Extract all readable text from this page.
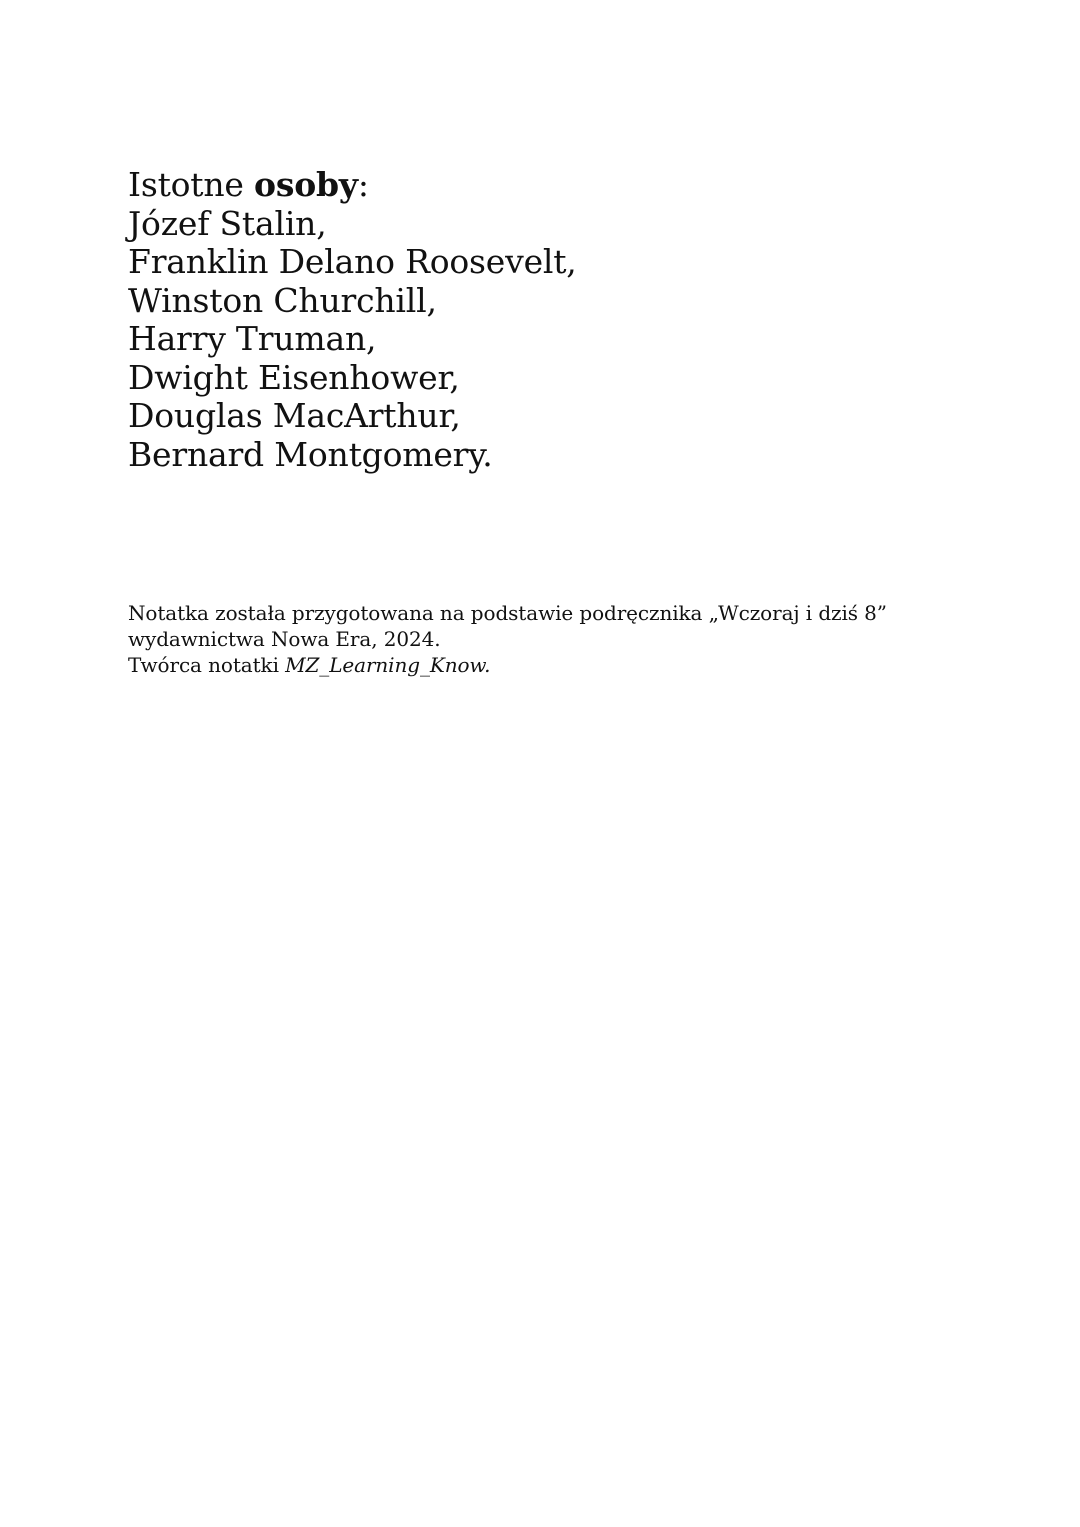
Istotne osoby:
Józef Stalin,
Franklin Delano Roosevelt,
Winston Churchill,
Harry Truman,
Dwight Eisenhower,
Douglas MacArthur,
Bernard Montgomery.
Notatka została przygotowana na podstawie podręcznika „Wczoraj i dziś 8”
wydawnictwa Nowa Era, 2024.
Twórca notatki MZ_Learning_Know.
